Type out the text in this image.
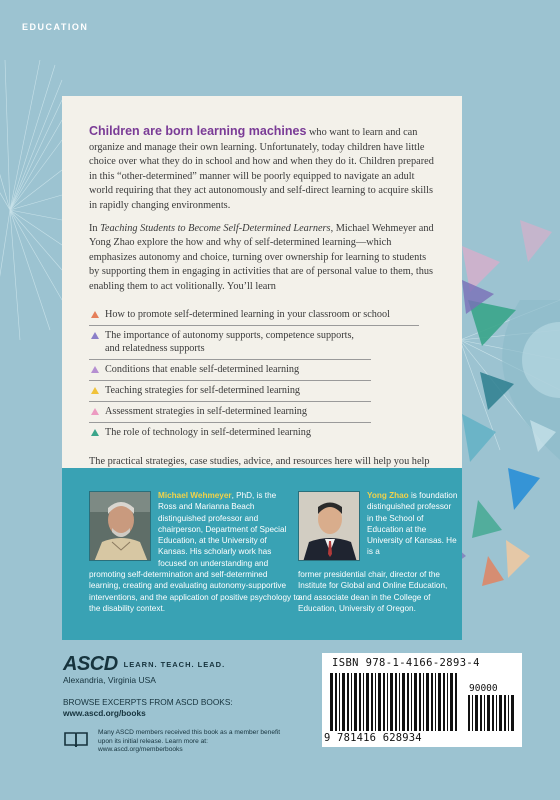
EDUCATION

Children are born learning machines who want to learn and can organize and manage their own learning. Unfortunately, today children have little choice over what they do in school and how and when they do it. Children prepared in this “other-determined” manner will be poorly equipped to navigate an adult world requiring that they act autonomously and self-direct learning to acquire skills in rapidly changing environments.

In Teaching Students to Become Self-Determined Learners, Michael Wehmeyer and Yong Zhao explore the how and why of self-determined learning—which emphasizes autonomy and choice, turning over ownership for learning to students by supporting them in engaging in activities that are of personal value to them, thus enabling them to act volitionally. You’ll learn

How to promote self-determined learning in your classroom or school
The importance of autonomy supports, competence supports, and relatedness supports
Conditions that enable self-determined learning
Teaching strategies for self-determined learning
Assessment strategies in self-determined learning
The role of technology in self-determined learning

The practical strategies, case studies, advice, and resources here will help you help

Michael Wehmeyer, PhD, is the Ross and Marianna Beach distinguished professor and chairperson, Department of Special Education, at the University of Kansas. His scholarly work has focused on understanding and
promoting self-determination and self-determined learning, creating and evaluating autonomy-supportive interventions, and the application of positive psychology to the disability context.
Yong Zhao is foundation distinguished professor in the School of Education at the University of Kansas. He is a
former presidential chair, director of the Institute for Global and Online Education, and associate dean in the College of Education, University of Oregon.
ASCD LEARN. TEACH. LEAD.
Alexandria, Virginia USA
BROWSE EXCERPTS FROM ASCD BOOKS:
www.ascd.org/books
Many ASCD members received this book as a member benefit upon its initial release. Learn more at: www.ascd.org/memberbooks
ISBN 978-1-4166-2893-4
90000
9 781416 628934
